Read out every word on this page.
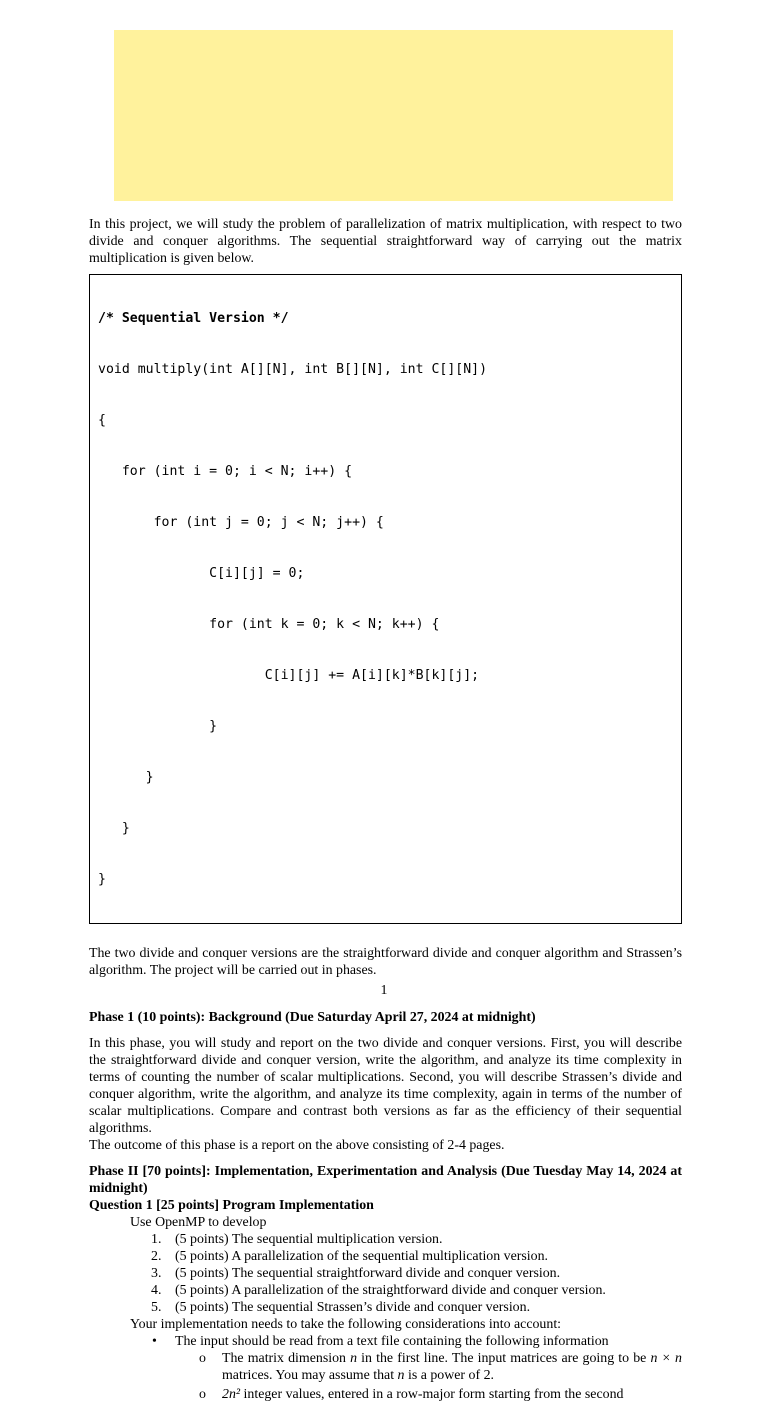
In this project, we will study the problem of parallelization of matrix multiplication, with respect to two divide and conquer algorithms. The sequential straightforward way of carrying out the matrix multiplication is given below.

/* Sequential Version */

void multiply(int A[][N], int B[][N], int C[][N])

{

for (int i = 0; i < N; i++) {

for (int j = 0; j < N; j++) {

C[i][j] = 0;

for (int k = 0; k < N; k++) {

C[i][j] += A[i][k]*B[k][j];

}

}

}

}

The two divide and conquer versions are the straightforward divide and conquer algorithm and Strassen’s algorithm. The project will be carried out in phases.

Phase 1 (10 points): Background (Due Saturday April 27, 2024 at midnight)

In this phase, you will study and report on the two divide and conquer versions. First, you will describe the straightforward divide and conquer version, write the algorithm, and analyze its time complexity in terms of counting the number of scalar multiplications. Second, you will describe Strassen’s divide and conquer algorithm, write the algorithm, and analyze its time complexity, again in terms of the number of scalar multiplications. Compare and contrast both versions as far as the efficiency of their sequential algorithms.

The outcome of this phase is a report on the above consisting of 2-4 pages.

Phase II [70 points]: Implementation, Experimentation and Analysis (Due Tuesday May 14, 2024 at midnight)

Question 1 [25 points] Program Implementation

Use OpenMP to develop
1. (5 points) The sequential multiplication version.
2. (5 points) A parallelization of the sequential multiplication version.
3. (5 points) The sequential straightforward divide and conquer version.
4. (5 points) A parallelization of the straightforward divide and conquer version.
5. (5 points) The sequential Strassen’s divide and conquer version.
Your implementation needs to take the following considerations into account:
• The input should be read from a text file containing the following information
o The matrix dimension n in the first line. The input matrices are going to be n × n matrices. You may assume that n is a power of 2.
o 2n² integer values, entered in a row-major form starting from the second
1
